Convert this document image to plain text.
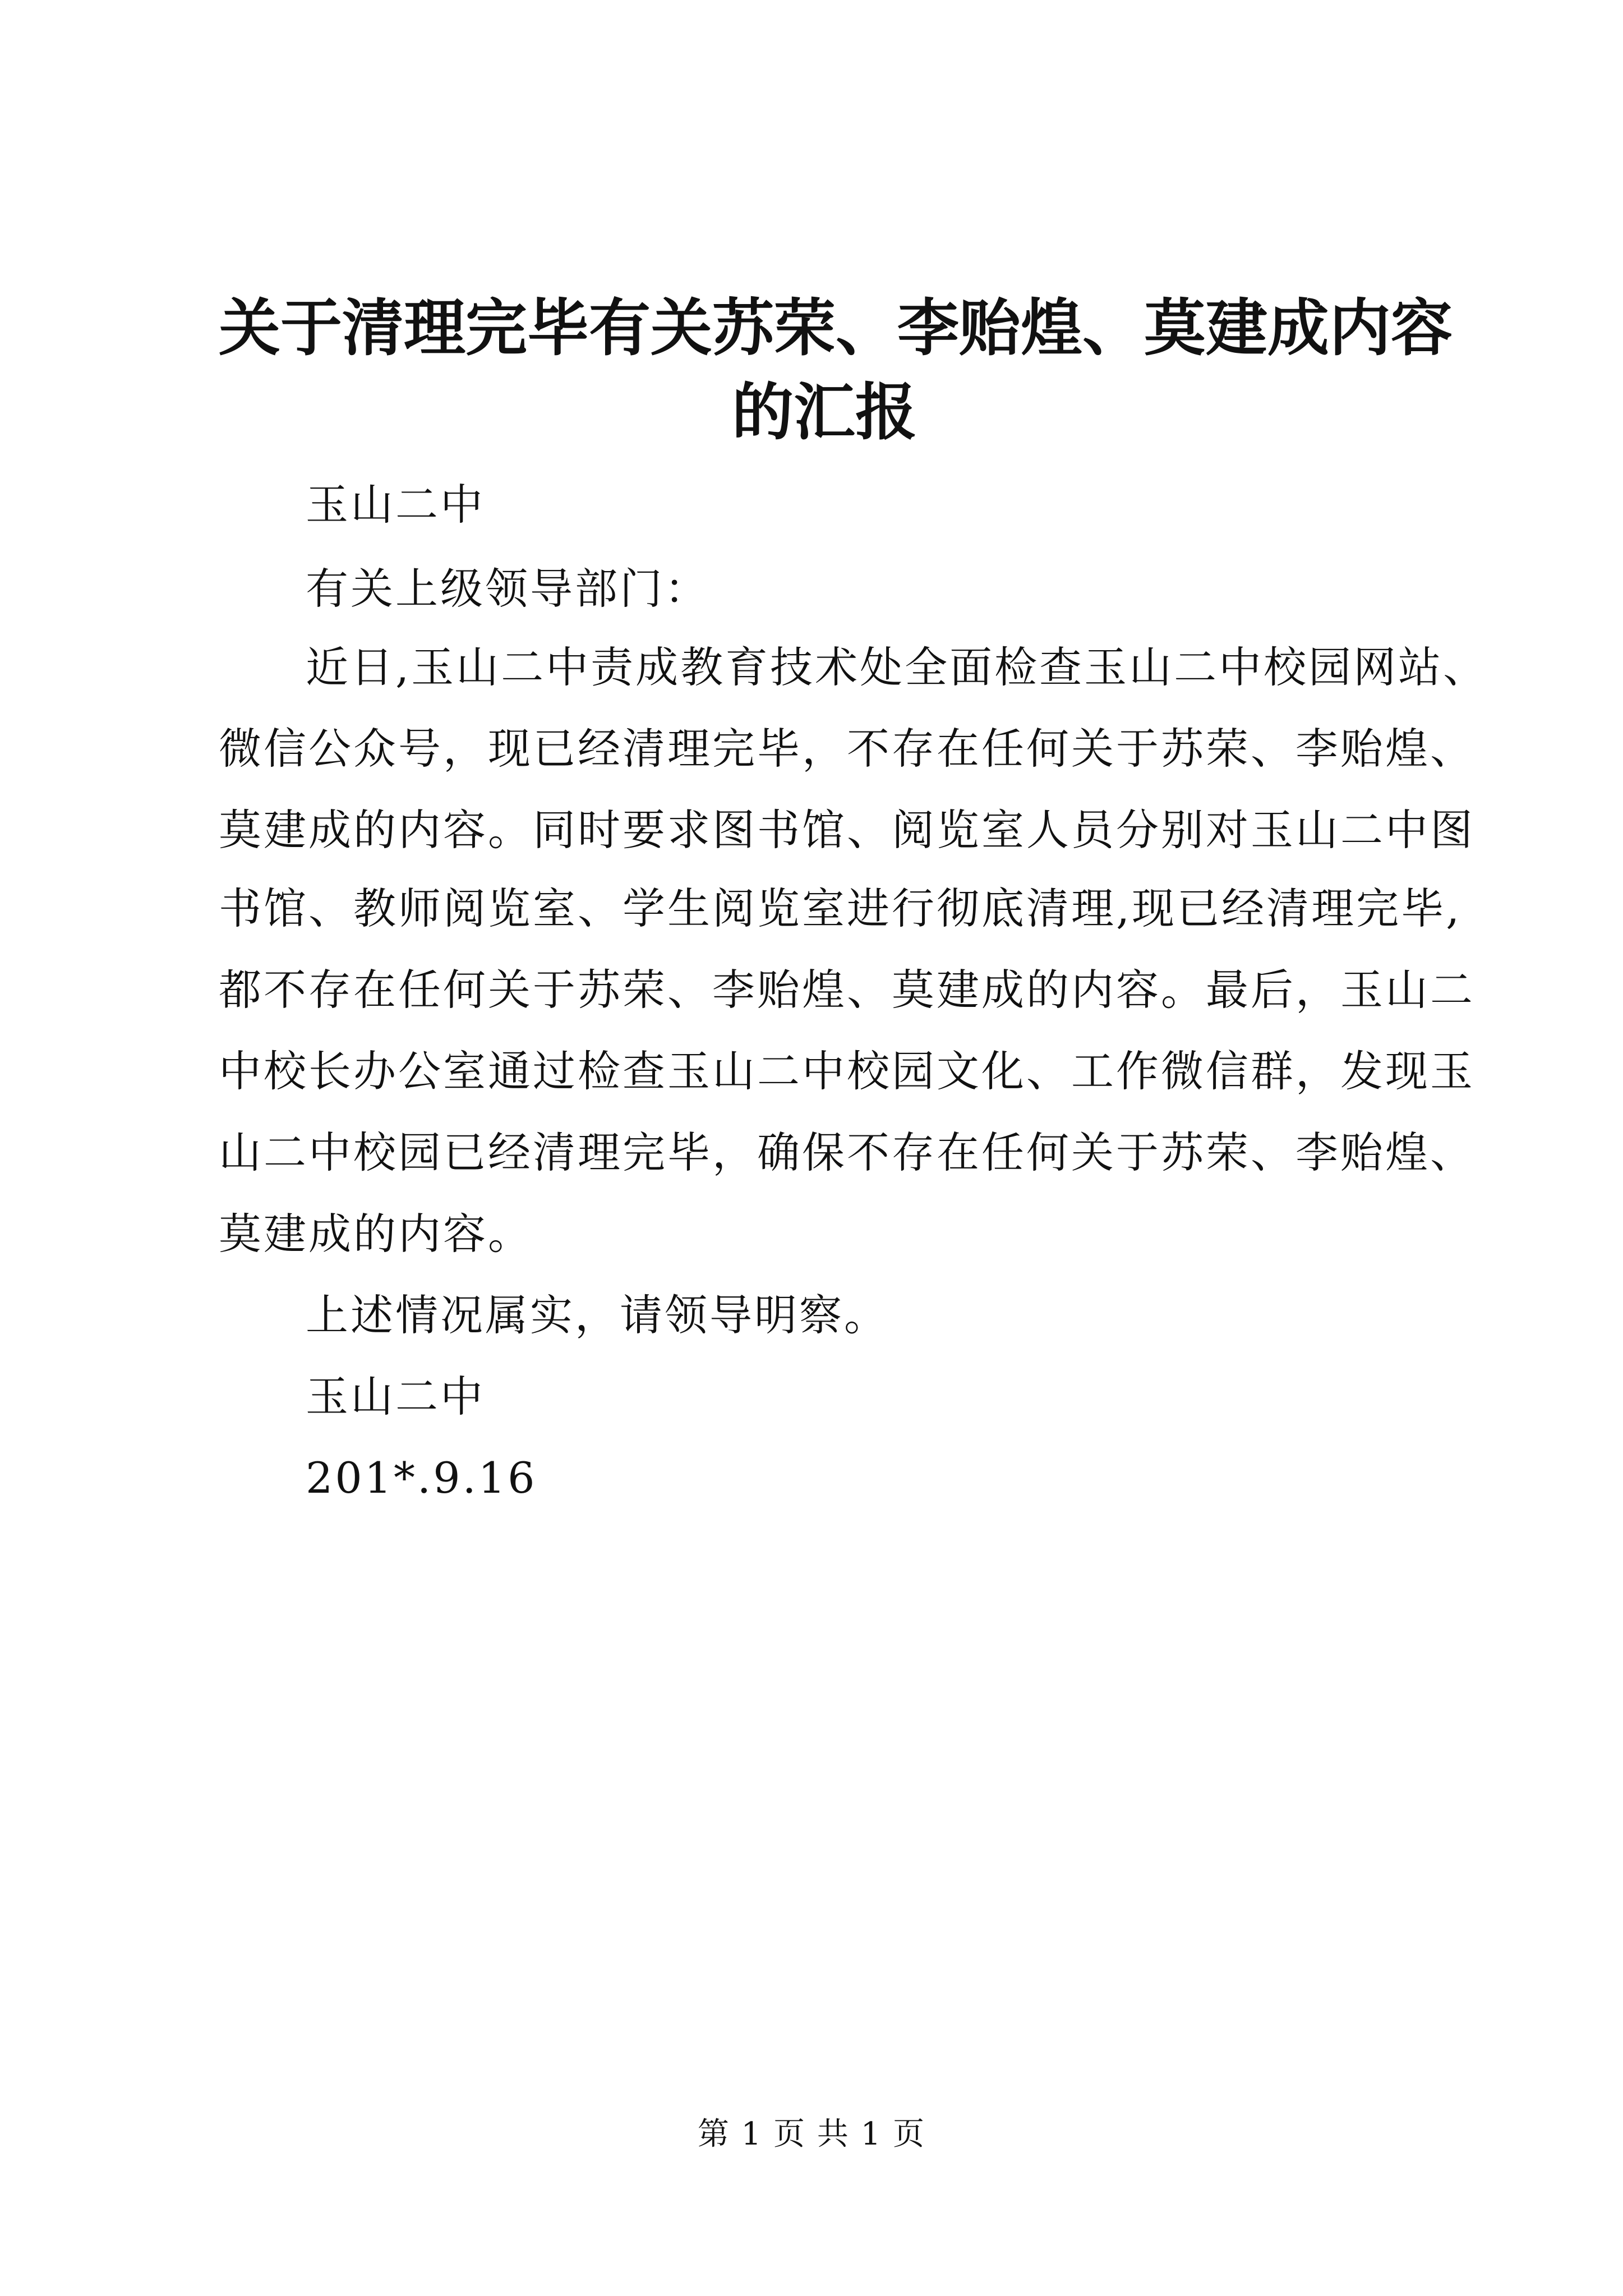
关于清理完毕有关苏荣、李贻煌、莫建成内容
的汇报

玉山二中

有关上级领导部门：

近日,玉山二中责成教育技术处全面检查玉山二中校园网站、

微信公众号，现已经清理完毕，不存在任何关于苏荣、李贻煌、

莫建成的内容。同时要求图书馆、阅览室人员分别对玉山二中图

书馆、教师阅览室、学生阅览室进行彻底清理,现已经清理完毕,

都不存在任何关于苏荣、李贻煌、莫建成的内容。最后，玉山二

中校长办公室通过检查玉山二中校园文化、工作微信群，发现玉

山二中校园已经清理完毕，确保不存在任何关于苏荣、李贻煌、

莫建成的内容。

上述情况属实，请领导明察。

玉山二中

201*.9.16

第 1 页 共 1 页
